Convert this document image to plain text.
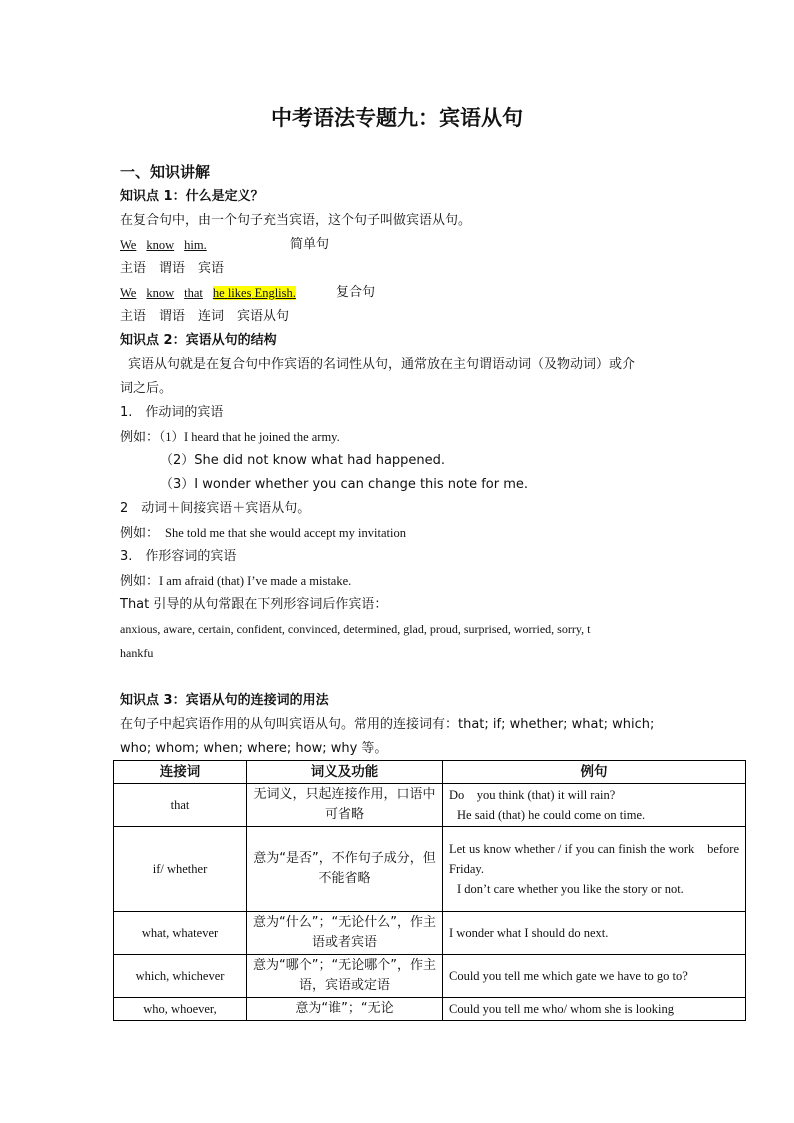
中考语法专题九：宾语从句
一、知识讲解
知识点 1：什么是定义？
在复合句中，由一个句子充当宾语，这个句子叫做宾语从句。
We know him.	简单句
主语　谓语　宾语
We know that he likes English.	复合句
主语　谓语　连词　宾语从句
知识点 2：宾语从句的结构
宾语从句就是在复合句中作宾语的名词性从句，通常放在主句谓语动词（及物动词）或介
词之后。
1.　作动词的宾语
例如：（1）I heard that he joined the army.
（2）She did not know what had happened.
（3）I wonder whether you can change this note for me.
2　动词＋间接宾语＋宾语从句。
例如： She told me that she would accept my invitation
3.　作形容词的宾语
例如：I am afraid (that) I’ve made a mistake.
That 引导的从句常跟在下列形容词后作宾语：
anxious, aware, certain, confident, convinced, determined, glad, proud, surprised, worried, sorry, t
hankfu
知识点 3：宾语从句的连接词的用法
在句子中起宾语作用的从句叫宾语从句。常用的连接词有：that; if; whether; what; which;
who; whom; when; where; how; why 等。
连接词	词义及功能	例句
that	无词义，只起连接作用，口语中可省略	Do　you think (that) it will rain?
He said (that) he could come on time.

if/ whether	意为“是否”，不作句子成分，但不能省略	Let us know whether / if you can finish the work　before Friday.
I don’t care whether you like the story or not.

what, whatever	意为“什么”；“无论什么”，作主语或者宾语	I wonder what I should do next.

which, whichever	意为“哪个”；“无论哪个”，作主语，宾语或定语	Could you tell me which gate we have to go to?

who, whoever,	意为“谁”；“无论	Could you tell me who/ whom she is looking
